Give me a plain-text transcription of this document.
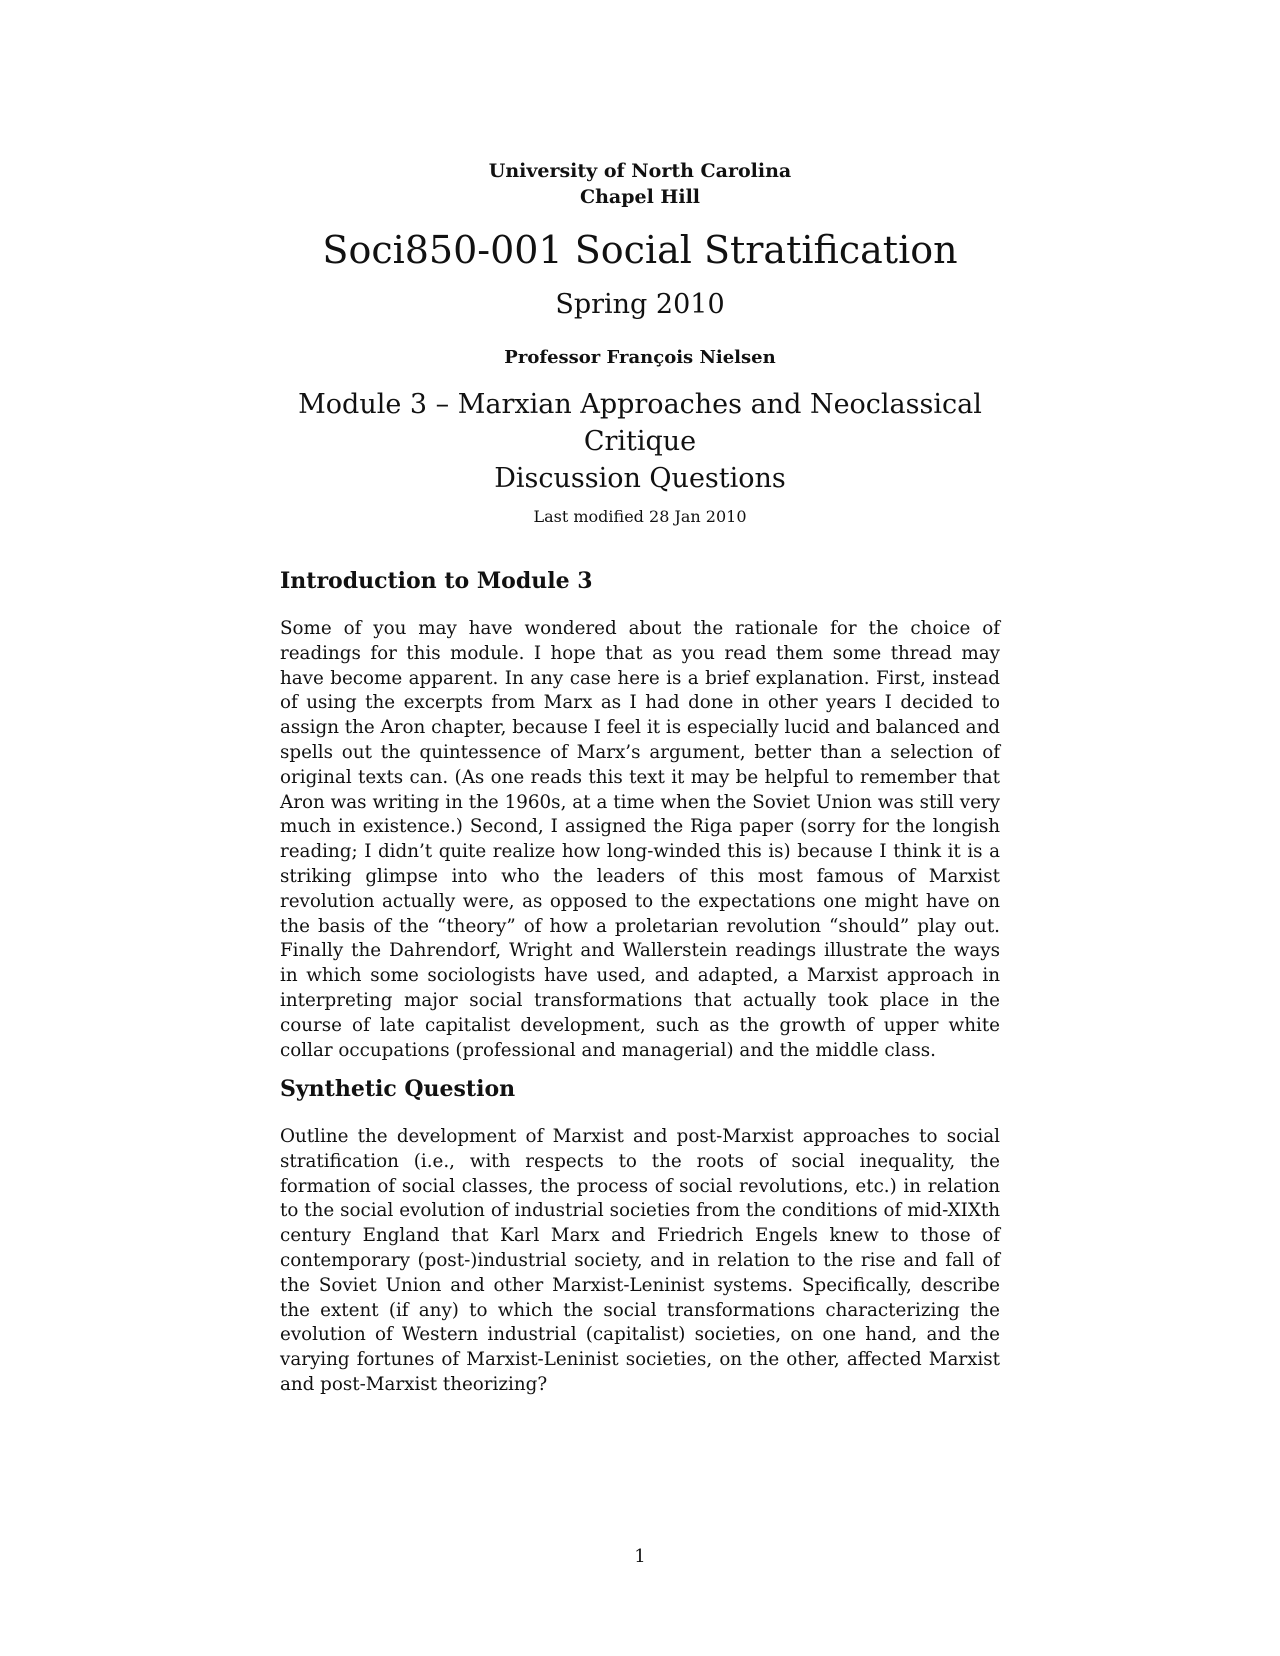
University of North Carolina
Chapel Hill
Soci850-001 Social Stratification
Spring 2010
Professor François Nielsen
Module 3 – Marxian Approaches and Neoclassical
Critique
Discussion Questions
Last modified 28 Jan 2010
Introduction to Module 3

Some of you may have wondered about the rationale for the choice of readings for this module. I hope that as you read them some thread may have become apparent. In any case here is a brief explanation. First, instead of using the excerpts from Marx as I had done in other years I decided to assign the Aron chapter, because I feel it is especially lucid and balanced and spells out the quintessence of Marx’s argument, better than a selection of original texts can. (As one reads this text it may be helpful to remember that Aron was writing in the 1960s, at a time when the Soviet Union was still very much in existence.) Second, I assigned the Riga paper (sorry for the longish reading; I didn’t quite realize how long-winded this is) because I think it is a striking glimpse into who the leaders of this most famous of Marxist revolution actually were, as opposed to the expectations one might have on the basis of the “theory” of how a proletarian revolution “should” play out. Finally the Dahrendorf, Wright and Wallerstein readings illustrate the ways in which some sociologists have used, and adapted, a Marxist approach in interpreting major social transformations that actually took place in the course of late capitalist development, such as the growth of upper white collar occupations (professional and managerial) and the middle class.

Synthetic Question

Outline the development of Marxist and post-Marxist approaches to social stratification (i.e., with respects to the roots of social inequality, the formation of social classes, the process of social revolutions, etc.) in relation to the social evolution of industrial societies from the conditions of mid-XIXth century England that Karl Marx and Friedrich Engels knew to those of contemporary (post-)industrial society, and in relation to the rise and fall of the Soviet Union and other Marxist-Leninist systems. Specifically, describe the extent (if any) to which the social transformations characterizing the evolution of Western industrial (capitalist) societies, on one hand, and the varying fortunes of Marxist-Leninist societies, on the other, affected Marxist and post-Marxist theorizing?

1
